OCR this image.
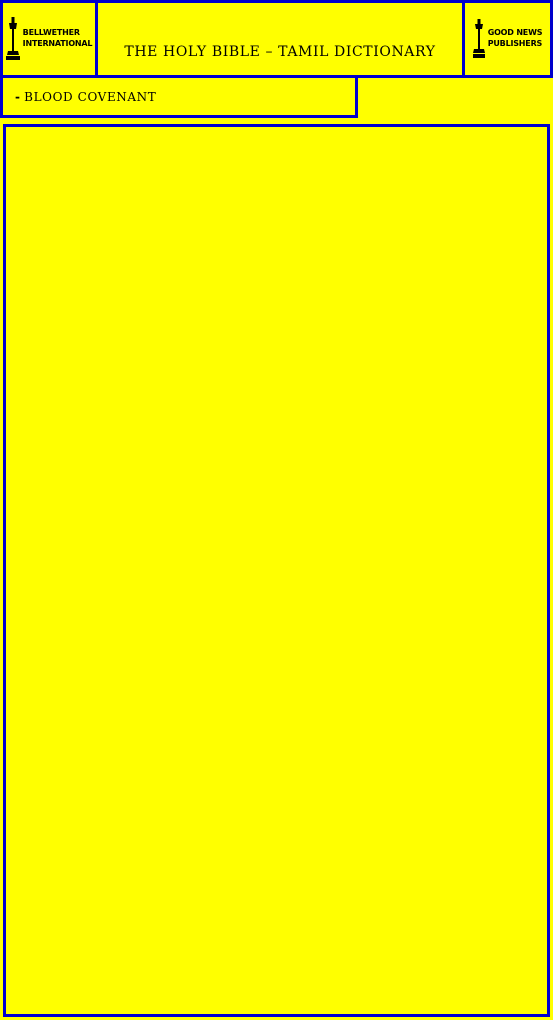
BELLWETHER
INTERNATIONAL
THE HOLY BIBLE – TAMIL DICTIONARY
GOOD NEWS
PUBLISHERS
- BLOOD COVENANT
